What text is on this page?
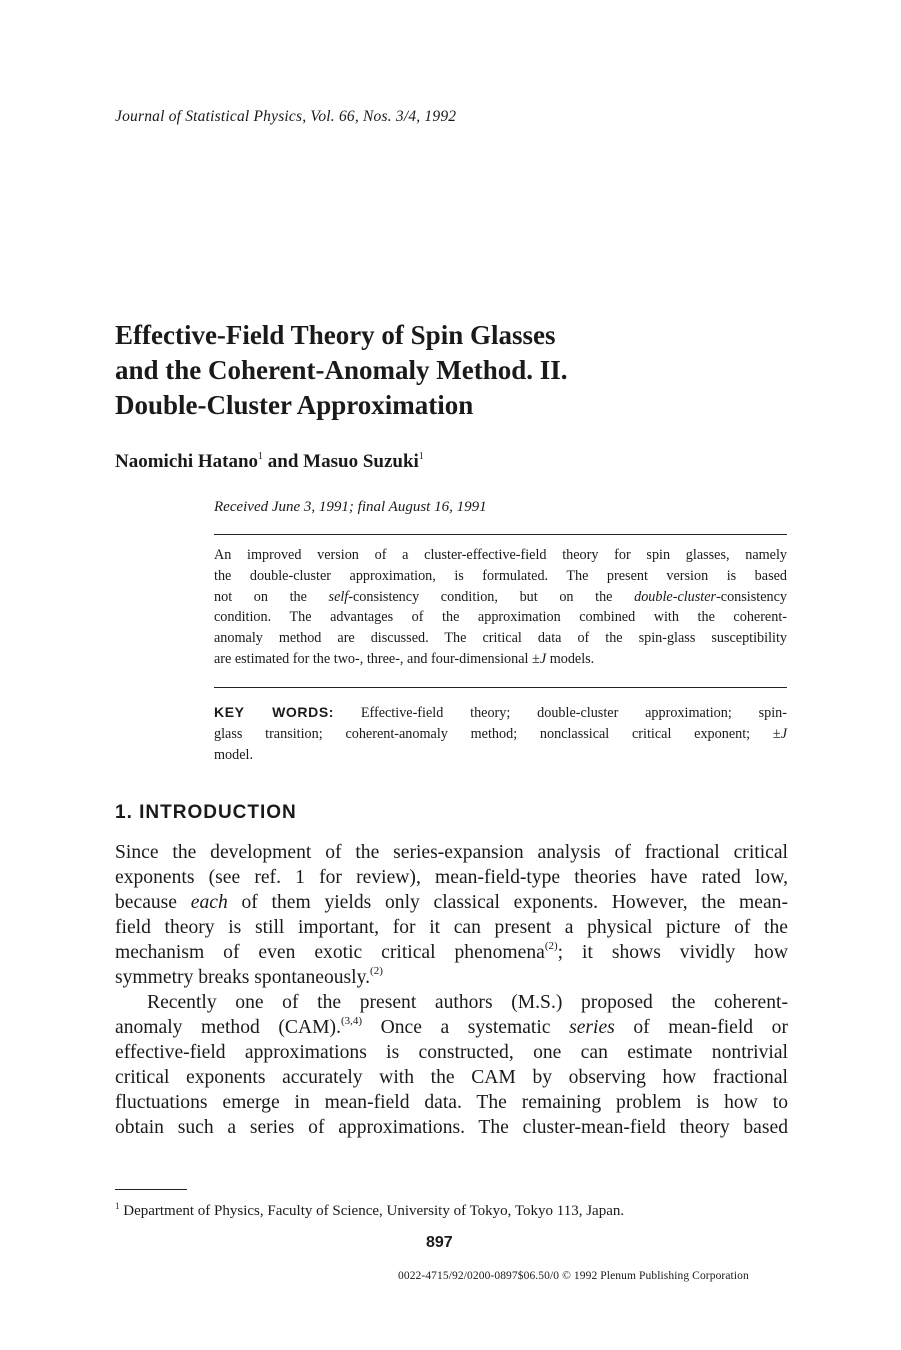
Journal of Statistical Physics, Vol. 66, Nos. 3/4, 1992
Effective-Field Theory of Spin Glasses
and the Coherent-Anomaly Method. II.
Double-Cluster Approximation
Naomichi Hatano$^1$ and Masuo Suzuki$^1$
Received June 3, 1991; final August 16, 1991
An improved version of a cluster-effective-field theory for spin glasses, namely
the double-cluster approximation, is formulated. The present version is based
not on the self-consistency condition, but on the double-cluster-consistency
condition. The advantages of the approximation combined with the coherent-
anomaly method are discussed. The critical data of the spin-glass susceptibility
are estimated for the two-, three-, and four-dimensional ±J models.
KEY WORDS: Effective-field theory; double-cluster approximation; spin-
glass transition; coherent-anomaly method; nonclassical critical exponent; ±J
model.
1. INTRODUCTION
Since the development of the series-expansion analysis of fractional critical
exponents (see ref. 1 for review), mean-field-type theories have rated low,
because each of them yields only classical exponents. However, the mean-
field theory is still important, for it can present a physical picture of the
mechanism of even exotic critical phenomena$^{(2)}$; it shows vividly how
symmetry breaks spontaneously.$^{(2)}$
Recently one of the present authors (M.S.) proposed the coherent-
anomaly method (CAM).$^{(3,4)}$ Once a systematic series of mean-field or
effective-field approximations is constructed, one can estimate nontrivial
critical exponents accurately with the CAM by observing how fractional
fluctuations emerge in mean-field data. The remaining problem is how to
obtain such a series of approximations. The cluster-mean-field theory based
$^1$ Department of Physics, Faculty of Science, University of Tokyo, Tokyo 113, Japan.
897
0022-4715/92/0200-0897$06.50/0 © 1992 Plenum Publishing Corporation
